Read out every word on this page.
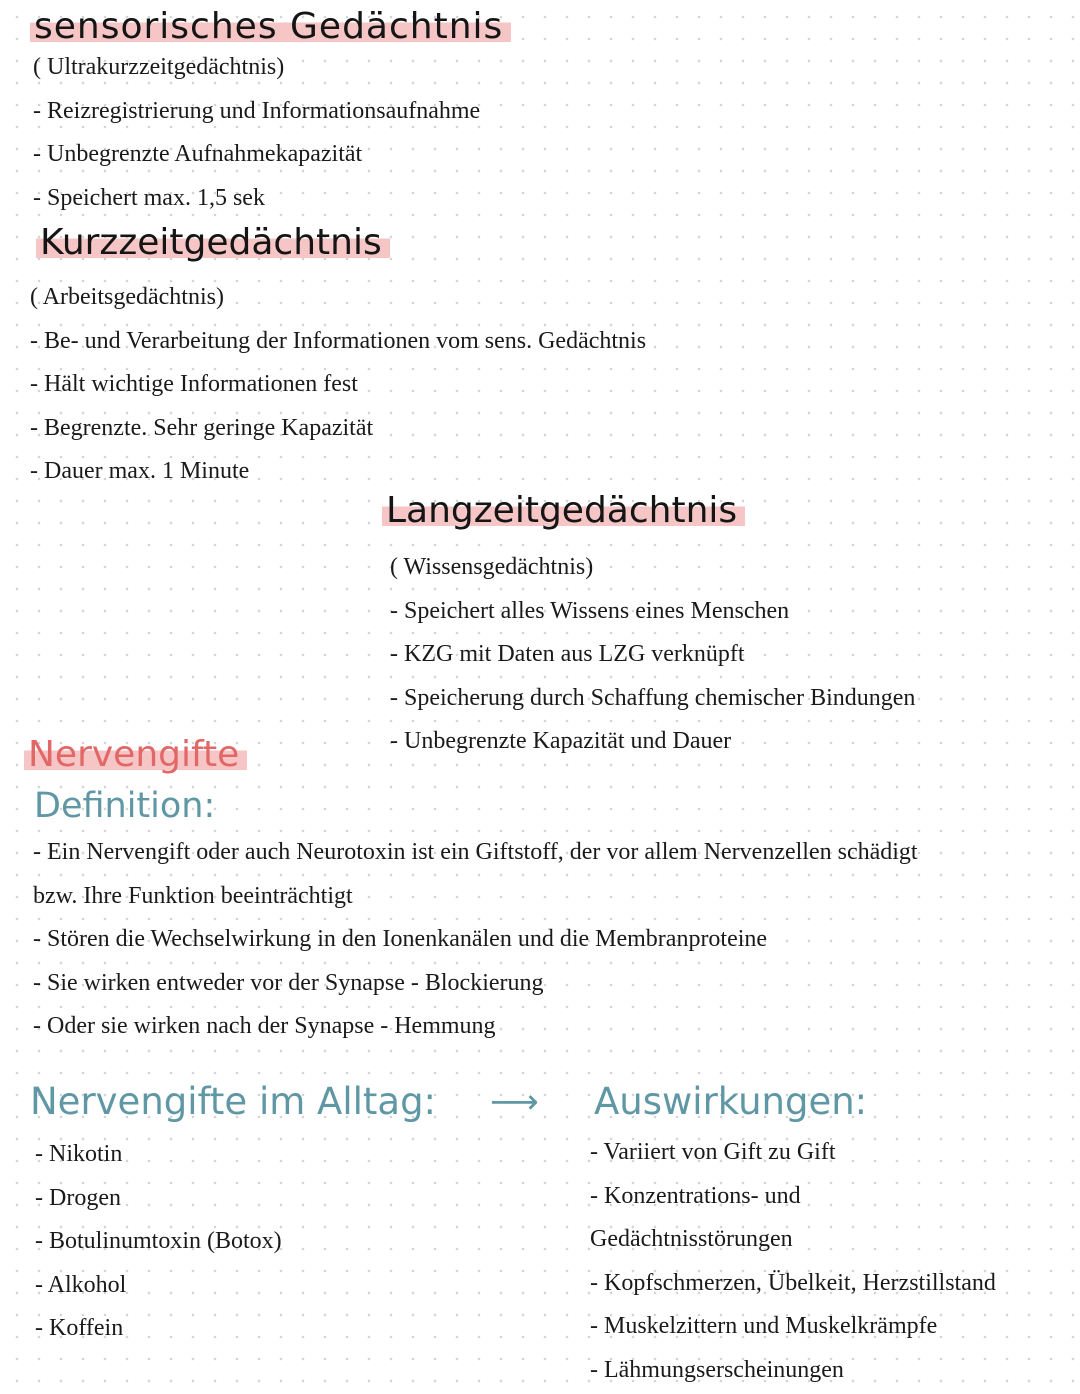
sensorisches Gedächtnis

( Ultrakurzzeitgedächtnis)

- Reizregistrierung und Informationsaufnahme

- Unbegrenzte Aufnahmekapazität

- Speichert max. 1,5 sek

Kurzzeitgedächtnis

( Arbeitsgedächtnis)

- Be- und Verarbeitung der Informationen vom sens. Gedächtnis

- Hält wichtige Informationen fest

- Begrenzte. Sehr geringe Kapazität

- Dauer max. 1 Minute

Langzeitgedächtnis

( Wissensgedächtnis)

- Speichert alles Wissens eines Menschen

- KZG mit Daten aus LZG verknüpft

- Speicherung durch Schaffung chemischer Bindungen

- Unbegrenzte Kapazität und Dauer

Nervengifte
Definition:

- Ein Nervengift oder auch Neurotoxin ist ein Giftstoff, der vor allem Nervenzellen schädigt

bzw. Ihre Funktion beeinträchtigt

- Stören die Wechselwirkung in den Ionenkanälen und die Membranproteine

- Sie wirken entweder vor der Synapse - Blockierung

- Oder sie wirken nach der Synapse - Hemmung

Nervengifte im Alltag: ⟶

- Nikotin

- Drogen

- Botulinumtoxin (Botox)

- Alkohol

- Koffein

Auswirkungen:

- Variiert von Gift zu Gift

- Konzentrations- und

Gedächtnisstörungen

- Kopfschmerzen, Übelkeit, Herzstillstand

- Muskelzittern und Muskelkrämpfe

- Lähmungserscheinungen
